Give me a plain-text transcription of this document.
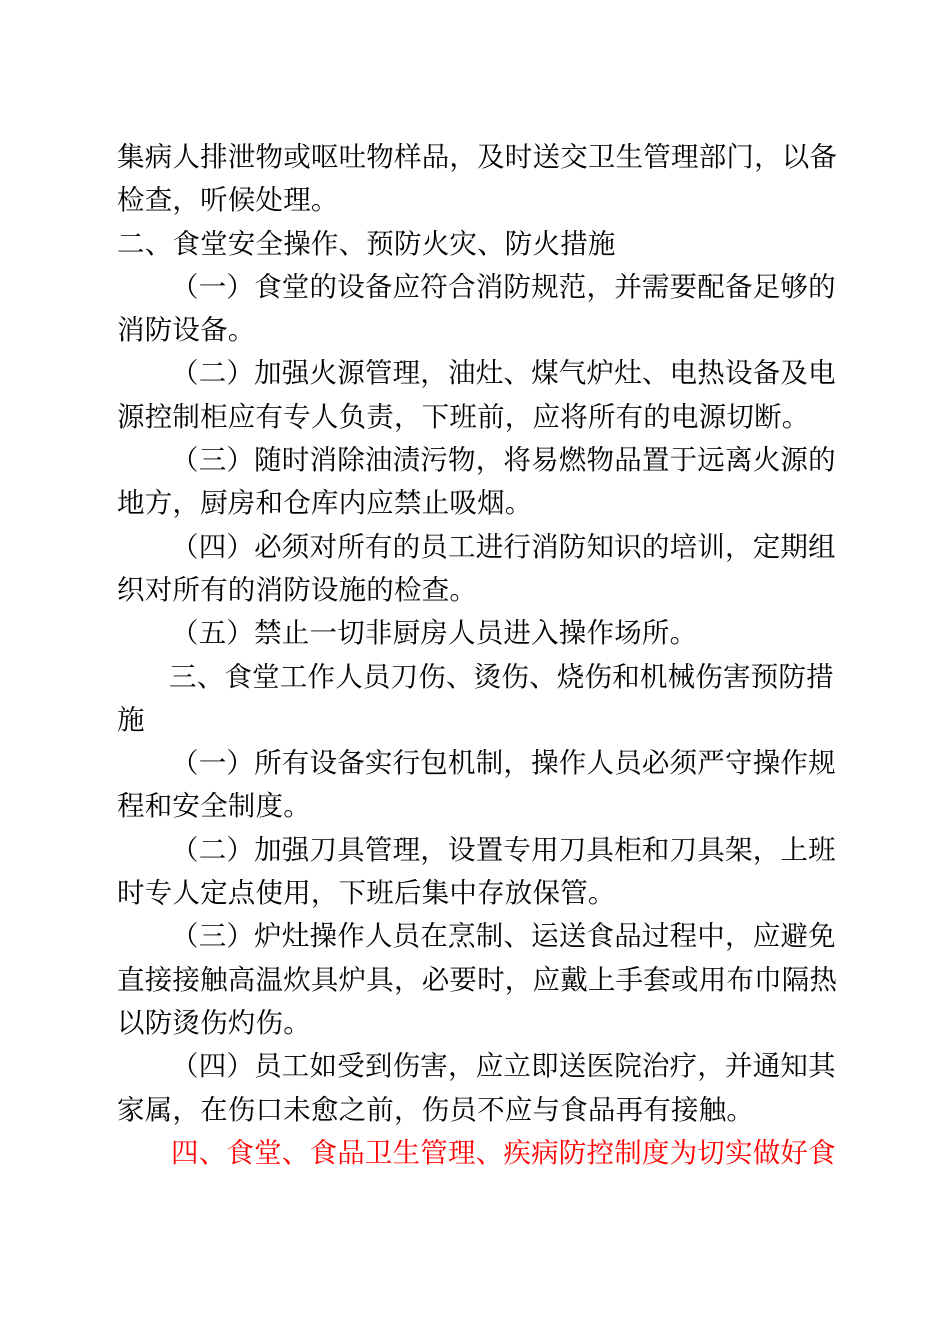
集病人排泄物或呕吐物样品，及时送交卫生管理部门，以备
检查，听候处理。
二、食堂安全操作、预防火灾、防火措施
（一）食堂的设备应符合消防规范，并需要配备足够的
消防设备。
（二）加强火源管理，油灶、煤气炉灶、电热设备及电
源控制柜应有专人负责，下班前，应将所有的电源切断。
（三）随时消除油渍污物，将易燃物品置于远离火源的
地方，厨房和仓库内应禁止吸烟。
（四）必须对所有的员工进行消防知识的培训，定期组
织对所有的消防设施的检查。
（五）禁止一切非厨房人员进入操作场所。
三、食堂工作人员刀伤、烫伤、烧伤和机械伤害预防措
施
（一）所有设备实行包机制，操作人员必须严守操作规
程和安全制度。
（二）加强刀具管理，设置专用刀具柜和刀具架，上班
时专人定点使用，下班后集中存放保管。
（三）炉灶操作人员在烹制、运送食品过程中，应避免
直接接触高温炊具炉具，必要时，应戴上手套或用布巾隔热
以防烫伤灼伤。
（四）员工如受到伤害，应立即送医院治疗，并通知其
家属，在伤口未愈之前，伤员不应与食品再有接触。
四、食堂、食品卫生管理、疾病防控制度为切实做好食
